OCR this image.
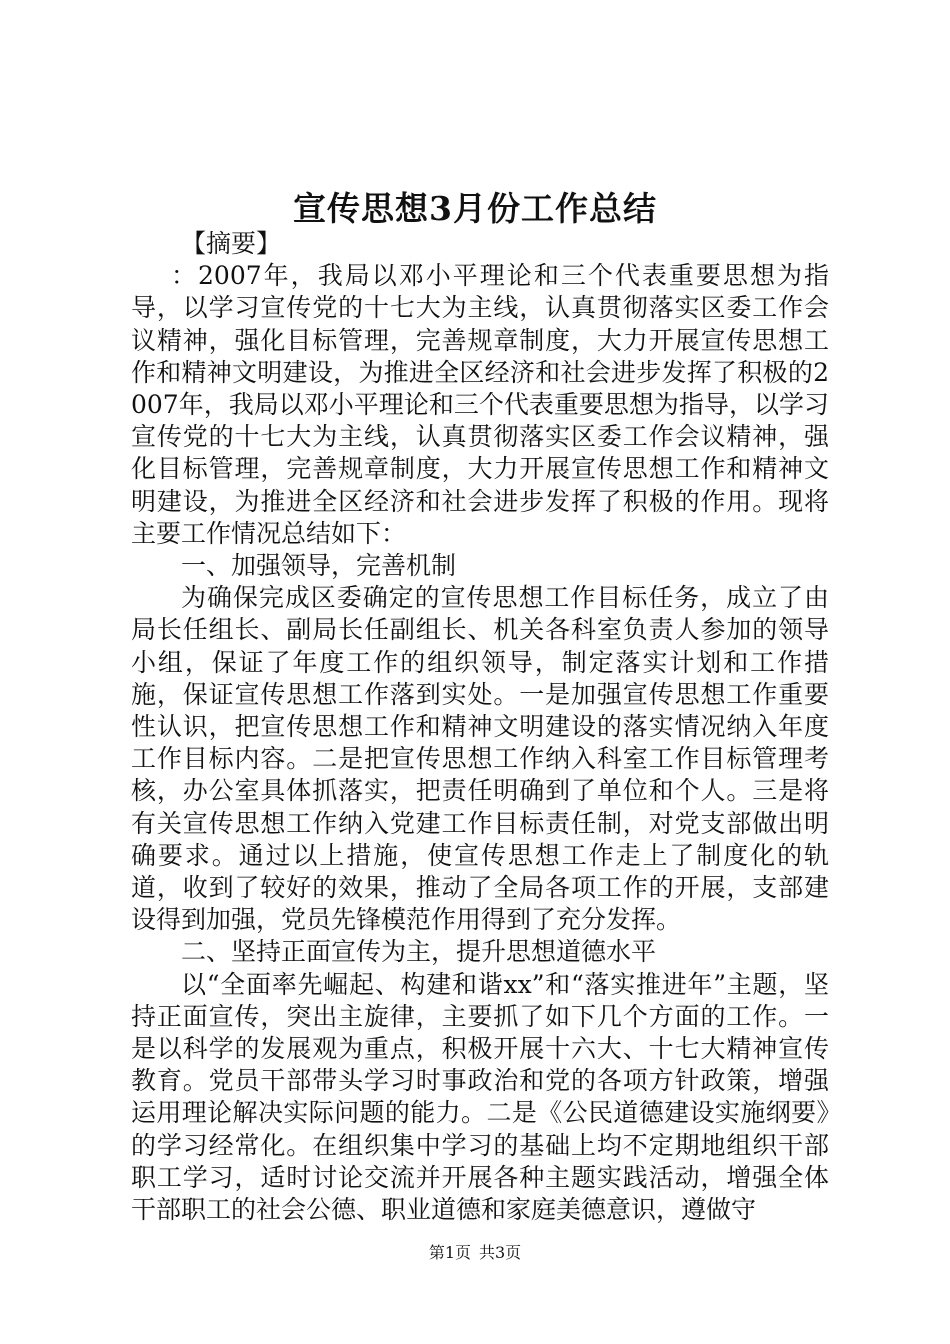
宣传思想3月份工作总结

【摘要】

：2007年，我局以邓小平理论和三个代表重要思想为指导，以学习宣传党的十七大为主线，认真贯彻落实区委工作会议精神，强化目标管理，完善规章制度，大力开展宣传思想工作和精神文明建设，为推进全区经济和社会进步发挥了积极的2007年，我局以邓小平理论和三个代表重要思想为指导，以学习宣传党的十七大为主线，认真贯彻落实区委工作会议精神，强化目标管理，完善规章制度，大力开展宣传思想工作和精神文明建设，为推进全区经济和社会进步发挥了积极的作用。现将主要工作情况总结如下：

一、加强领导，完善机制

为确保完成区委确定的宣传思想工作目标任务，成立了由局长任组长、副局长任副组长、机关各科室负责人参加的领导小组，保证了年度工作的组织领导，制定落实计划和工作措施，保证宣传思想工作落到实处。一是加强宣传思想工作重要性认识，把宣传思想工作和精神文明建设的落实情况纳入年度工作目标内容。二是把宣传思想工作纳入科室工作目标管理考核，办公室具体抓落实，把责任明确到了单位和个人。三是将有关宣传思想工作纳入党建工作目标责任制，对党支部做出明确要求。通过以上措施，使宣传思想工作走上了制度化的轨道，收到了较好的效果，推动了全局各项工作的开展，支部建设得到加强，党员先锋模范作用得到了充分发挥。

二、坚持正面宣传为主，提升思想道德水平

以“全面率先崛起、构建和谐xx”和“落实推进年”主题，坚持正面宣传，突出主旋律，主要抓了如下几个方面的工作。一是以科学的发展观为重点，积极开展十六大、十七大精神宣传教育。党员干部带头学习时事政治和党的各项方针政策，增强运用理论解决实际问题的能力。二是《公民道德建设实施纲要》的学习经常化。在组织集中学习的基础上均不定期地组织干部职工学习，适时讨论交流并开展各种主题实践活动，增强全体干部职工的社会公德、职业道德和家庭美德意识，遵做守

第1页 共3页
